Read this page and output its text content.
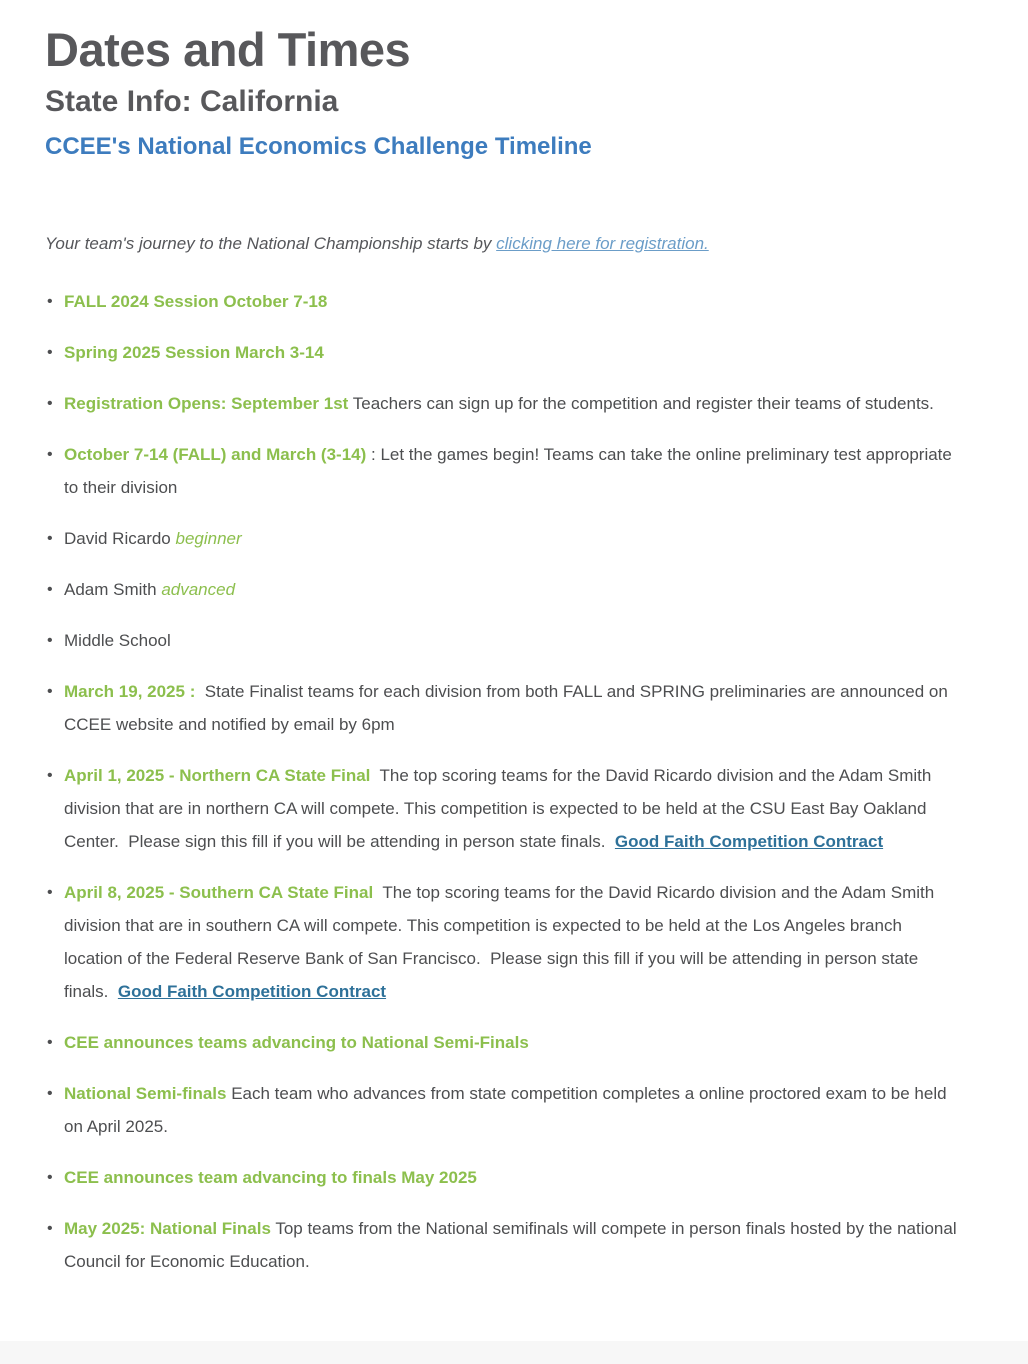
Dates and Times
State Info: California
CCEE's National Economics Challenge Timeline

Your team's journey to the National Championship starts by clicking here for registration.

• FALL 2024 Session October 7-18
• Spring 2025 Session March 3-14
• Registration Opens: September 1st Teachers can sign up for the competition and register their teams of students.
• October 7-14 (FALL) and March (3-14) : Let the games begin! Teams can take the online preliminary test appropriate to their division
• David Ricardo beginner
• Adam Smith advanced
• Middle School
• March 19, 2025 :  State Finalist teams for each division from both FALL and SPRING preliminaries are announced on CCEE website and notified by email by 6pm
• April 1, 2025 - Northern CA State Final  The top scoring teams for the David Ricardo division and the Adam Smith division that are in northern CA will compete. This competition is expected to be held at the CSU East Bay Oakland Center.  Please sign this fill if you will be attending in person state finals.  Good Faith Competition Contract
• April 8, 2025 - Southern CA State Final  The top scoring teams for the David Ricardo division and the Adam Smith division that are in southern CA will compete. This competition is expected to be held at the Los Angeles branch location of the Federal Reserve Bank of San Francisco.  Please sign this fill if you will be attending in person state finals.  Good Faith Competition Contract
• CEE announces teams advancing to National Semi-Finals
• National Semi-finals Each team who advances from state competition completes a online proctored exam to be held on April 2025.
• CEE announces team advancing to finals May 2025
• May 2025: National Finals Top teams from the National semifinals will compete in person finals hosted by the national Council for Economic Education.
